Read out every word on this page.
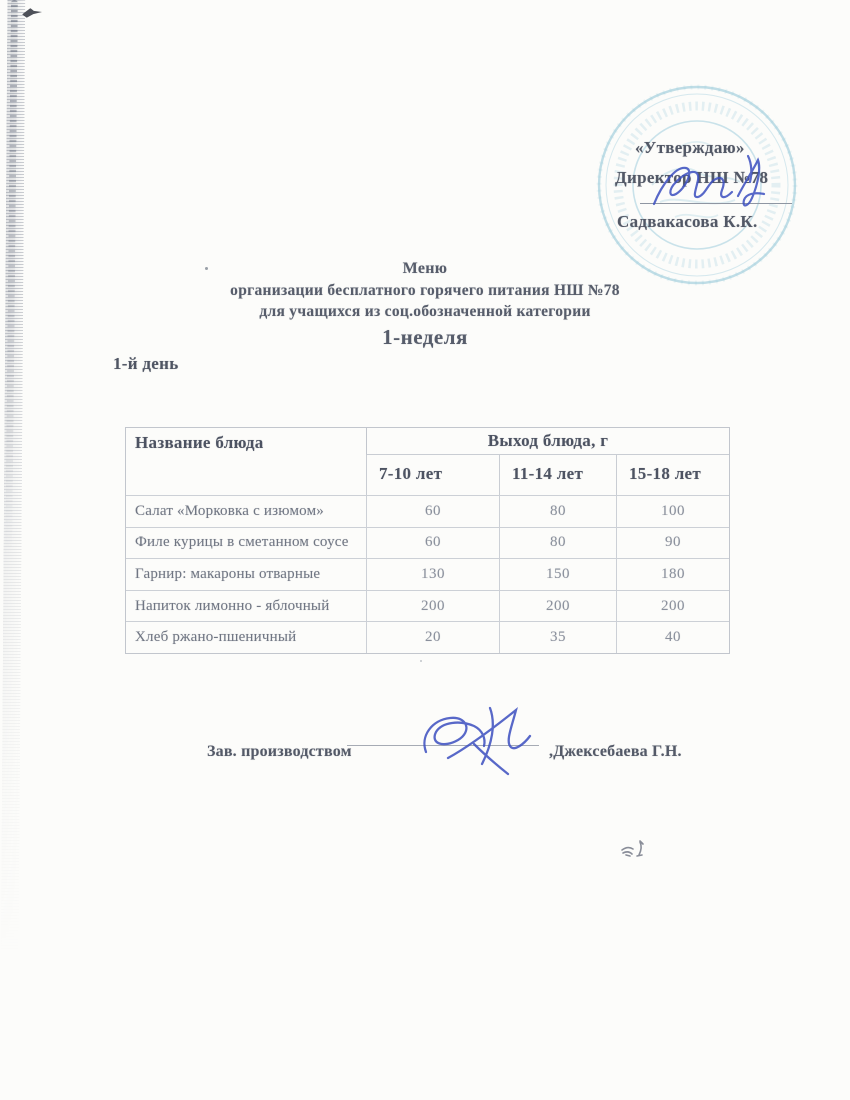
«Утверждаю»
Директор НШ №78
Садвакасова К.К.
Меню
организации бесплатного горячего питания НШ №78
для учащихся из соц.обозначенной категории
1-неделя
1-й день
Название блюда	Выход блюда, г
7-10 лет	11-14 лет	15-18 лет
Салат «Морковка с изюмом»	60	80	100
Филе курицы в сметанном соусе	60	80	90
Гарнир: макароны отварные	130	150	180
Напиток лимонно - яблочный	200	200	200
Хлеб ржано-пшеничный	20	35	40
Зав. производством	,Джексебаева Г.Н.
